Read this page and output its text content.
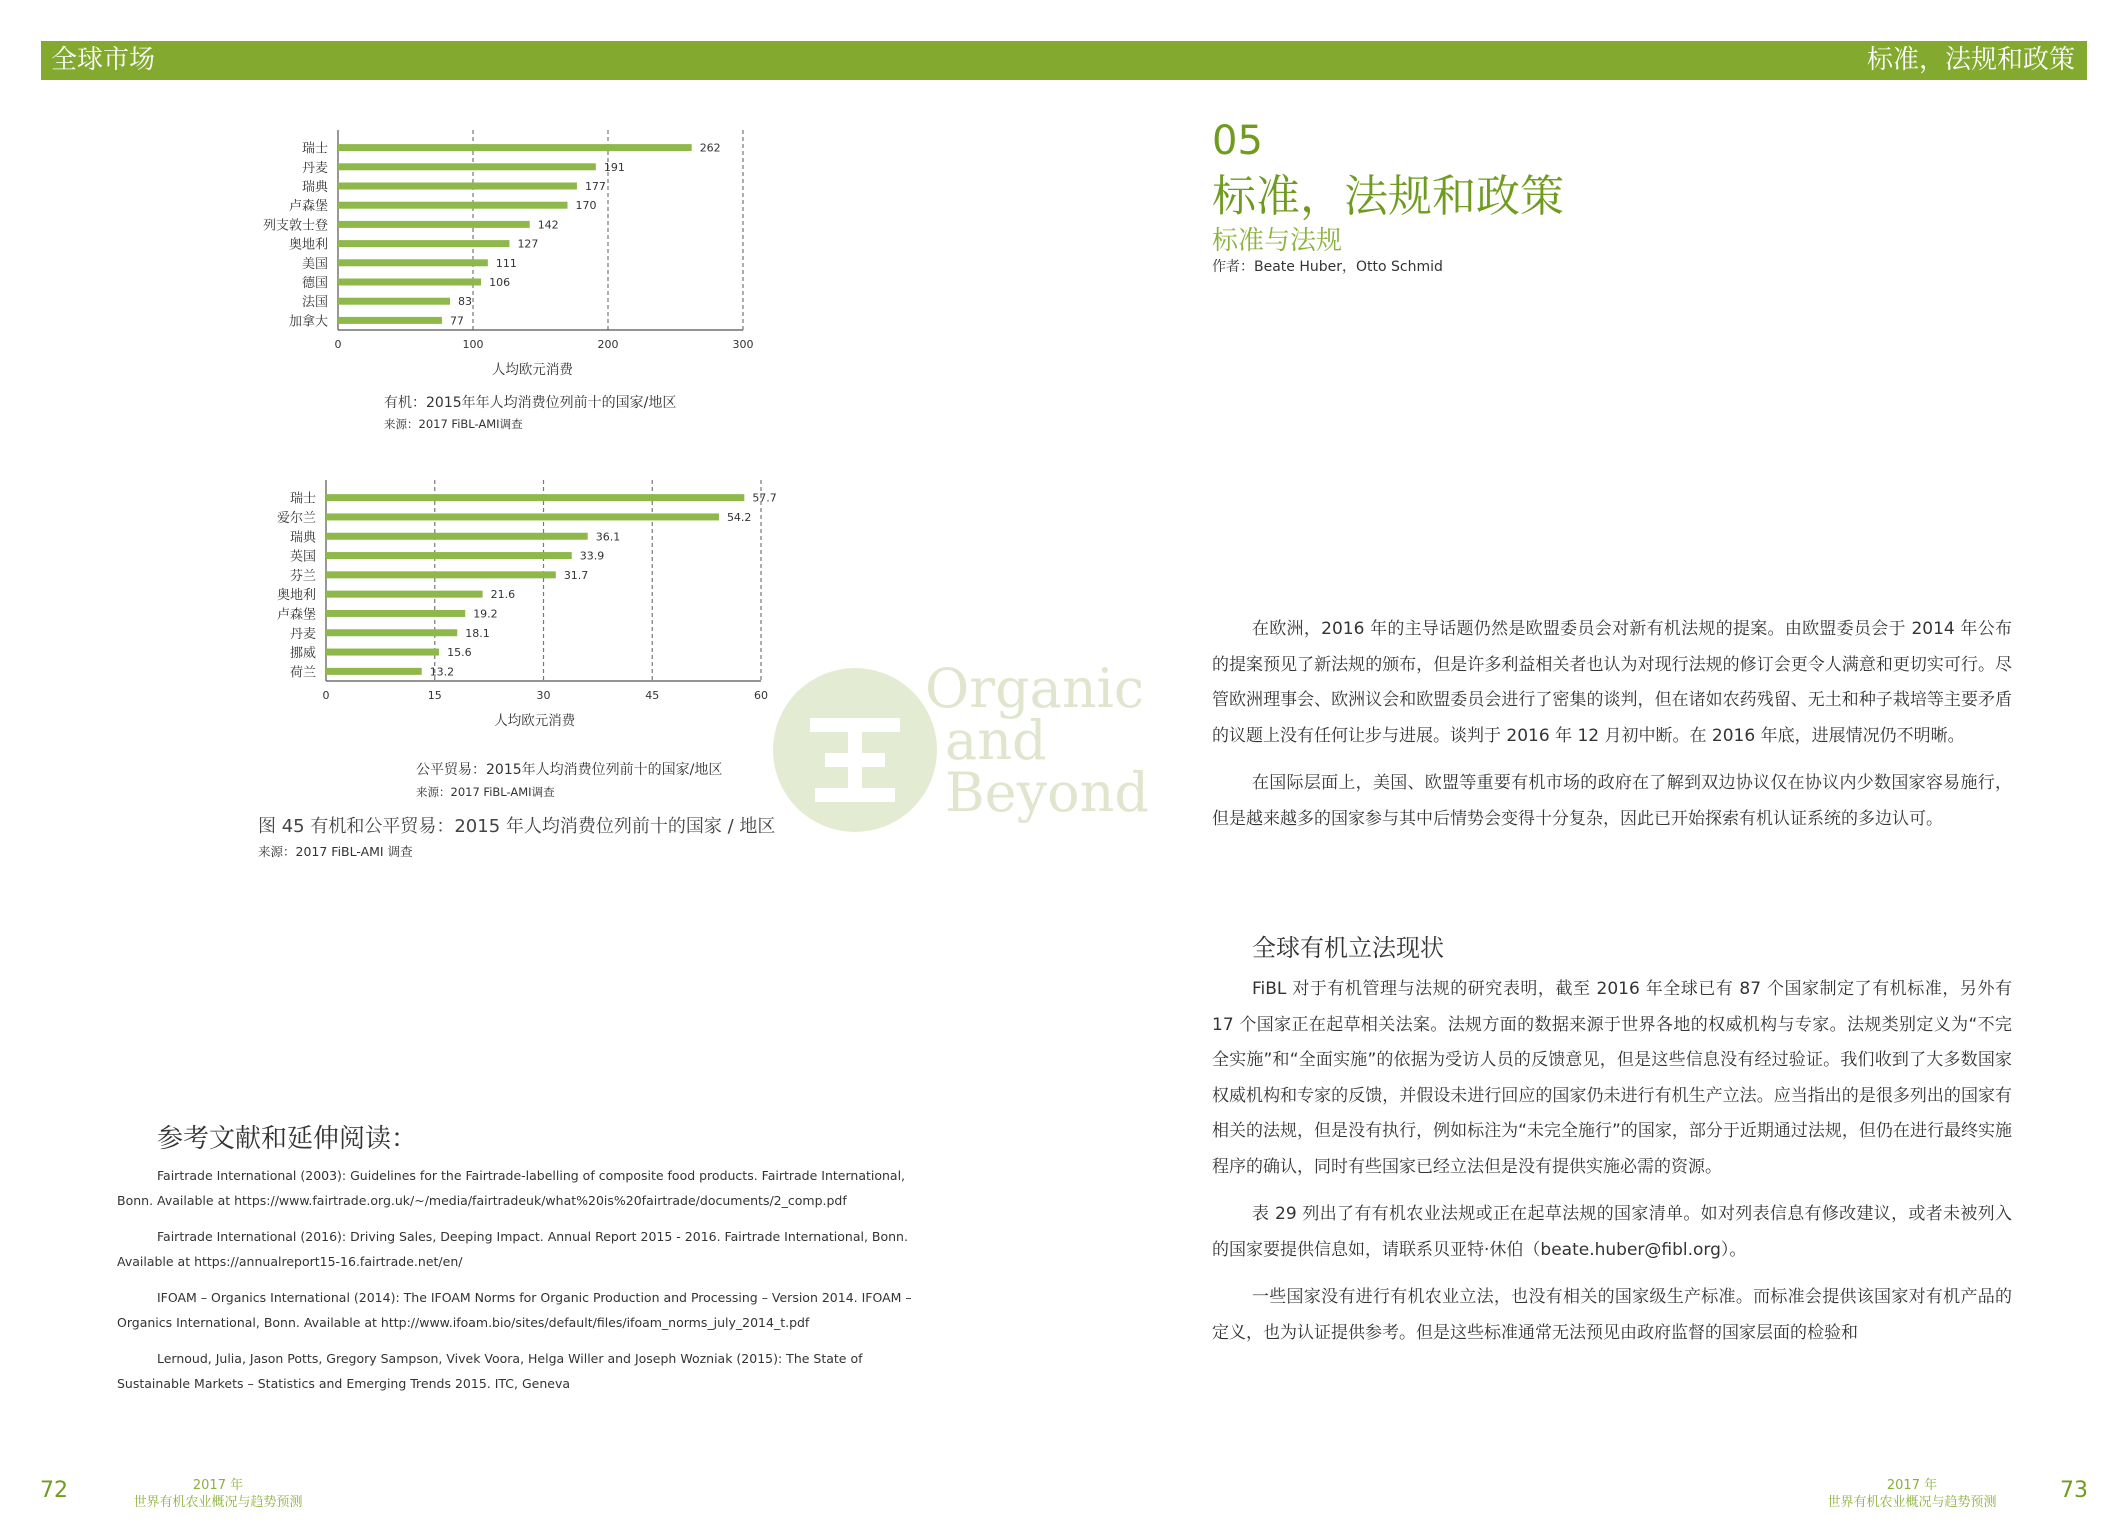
全球市场	标准，法规和政策
瑞士	262
丹麦	191
瑞典	177
卢森堡	170
列支敦士登	142
奥地利	127
美国	111
德国	106
法国	83
加拿大	77
0	100	200	300
人均欧元消费
有机：2015年年人均消费位列前十的国家/地区
来源：2017 FiBL-AMI调查
瑞士	57.7
爱尔兰	54.2
瑞典	36.1
英国	33.9
芬兰	31.7
奥地利	21.6
卢森堡	19.2
丹麦	18.1
挪威	15.6
荷兰	13.2
0	15	30	45	60
人均欧元消费
公平贸易：2015年人均消费位列前十的国家/地区
来源：2017 FiBL-AMI调查
图 45 有机和公平贸易：2015 年人均消费位列前十的国家 / 地区
来源：2017 FiBL-AMI 调查
Organic
and
Beyond
参考文献和延伸阅读：
Fairtrade International (2003): Guidelines for the Fairtrade-labelling of composite food products. Fairtrade International, Bonn. Available at https://www.fairtrade.org.uk/~/media/fairtradeuk/what%20is%20fairtrade/documents/2_comp.pdf
Fairtrade International (2016): Driving Sales, Deeping Impact. Annual Report 2015 - 2016. Fairtrade International, Bonn. Available at https://annualreport15-16.fairtrade.net/en/
IFOAM – Organics International (2014): The IFOAM Norms for Organic Production and Processing – Version 2014. IFOAM – Organics International, Bonn. Available at http://www.ifoam.bio/sites/default/files/ifoam_norms_july_2014_t.pdf
Lernoud, Julia, Jason Potts, Gregory Sampson, Vivek Voora, Helga Willer and Joseph Wozniak (2015): The State of Sustainable Markets – Statistics and Emerging Trends 2015. ITC, Geneva
05
标准，法规和政策
标准与法规
作者：Beate Huber，Otto Schmid

在欧洲，2016 年的主导话题仍然是欧盟委员会对新有机法规的提案。由欧盟委员会于 2014 年公布的提案预见了新法规的颁布，但是许多利益相关者也认为对现行法规的修订会更令人满意和更切实可行。尽管欧洲理事会、欧洲议会和欧盟委员会进行了密集的谈判，但在诸如农药残留、无土和种子栽培等主要矛盾的议题上没有任何让步与进展。谈判于 2016 年 12 月初中断。在 2016 年底，进展情况仍不明晰。

在国际层面上，美国、欧盟等重要有机市场的政府在了解到双边协议仅在协议内少数国家容易施行，但是越来越多的国家参与其中后情势会变得十分复杂，因此已开始探索有机认证系统的多边认可。

全球有机立法现状

FiBL 对于有机管理与法规的研究表明，截至 2016 年全球已有 87 个国家制定了有机标准，另外有 17 个国家正在起草相关法案。法规方面的数据来源于世界各地的权威机构与专家。法规类别定义为“不完全实施”和“全面实施”的依据为受访人员的反馈意见，但是这些信息没有经过验证。我们收到了大多数国家权威机构和专家的反馈，并假设未进行回应的国家仍未进行有机生产立法。应当指出的是很多列出的国家有相关的法规，但是没有执行，例如标注为“未完全施行”的国家，部分于近期通过法规，但仍在进行最终实施程序的确认，同时有些国家已经立法但是没有提供实施必需的资源。

表 29 列出了有有机农业法规或正在起草法规的国家清单。如对列表信息有修改建议，或者未被列入的国家要提供信息如，请联系贝亚特·休伯（beate.huber@fibl.org）。

一些国家没有进行有机农业立法，也没有相关的国家级生产标准。而标准会提供该国家对有机产品的定义，也为认证提供参考。但是这些标准通常无法预见由政府监督的国家层面的检验和

72	2017 年
世界有机农业概况与趋势预测
2017 年
世界有机农业概况与趋势预测	73
